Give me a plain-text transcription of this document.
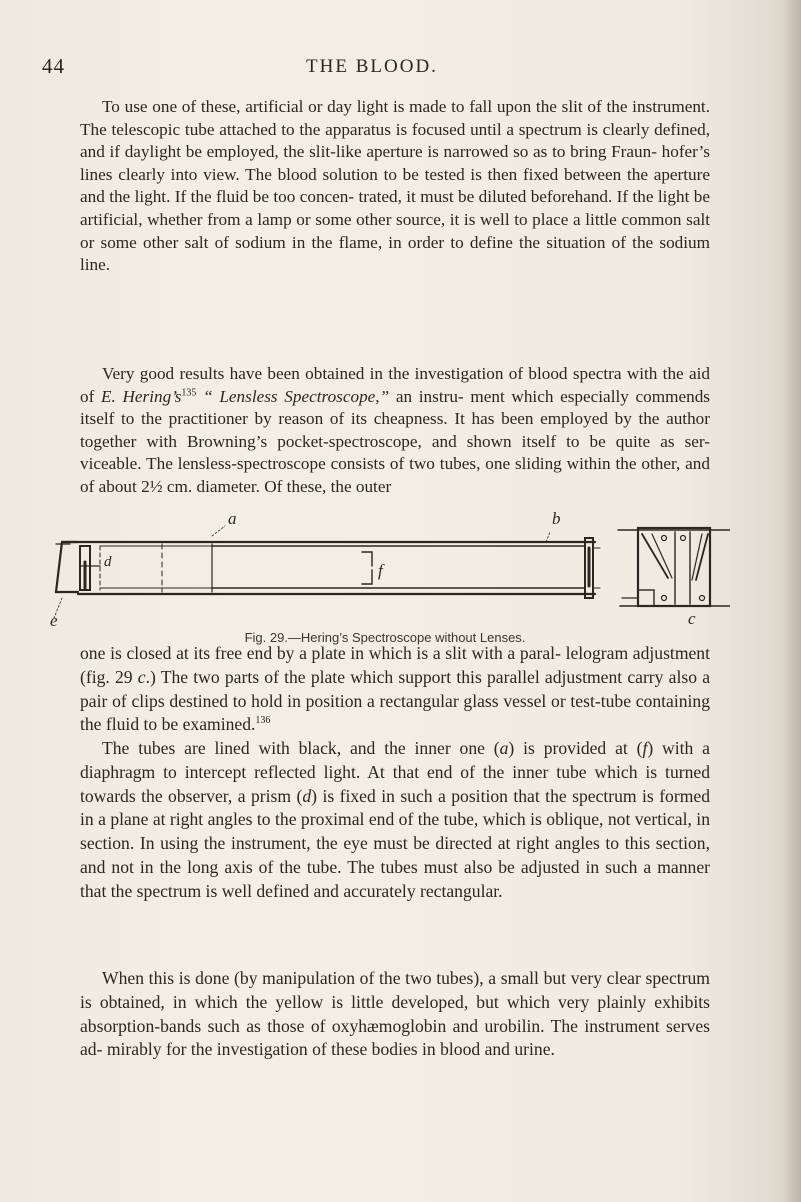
44	THE BLOOD.
To use one of these, artificial or day light is made to fall upon the slit of the instrument. The telescopic tube attached to the apparatus is focused until a spectrum is clearly defined, and if daylight be employed, the slit-like aperture is narrowed so as to bring Fraun- hofer’s lines clearly into view. The blood solution to be tested is then fixed between the aperture and the light. If the fluid be too concen- trated, it must be diluted beforehand. If the light be artificial, whether from a lamp or some other source, it is well to place a little common salt or some other salt of sodium in the flame, in order to define the situation of the sodium line.
Very good results have been obtained in the investigation of blood spectra with the aid of E. $Hering’s^{135}$ “ Lensless Spectroscope,” an instru- ment which especially commends itself to the practitioner by reason of its cheapness. It has been employed by the author together with Browning’s pocket-spectroscope, and shown itself to be quite as ser- viceable. The lensless-spectroscope consists of two tubes, one sliding within the other, and of about 2½ cm. diameter. Of these, the outer
a	b
c
d
e
f
Fig. 29.—Hering’s Spectroscope without Lenses.
one is closed at its free end by a plate in which is a slit with a paral- lelogram adjustment (fig. 29 c.) The two parts of the plate which support this parallel adjustment carry also a pair of clips destined to hold in position a rectangular glass vessel or test-tube containing the fluid to be examined.$^{136}$
The tubes are lined with black, and the inner one (a) is provided at (f) with a diaphragm to intercept reflected light. At that end of the inner tube which is turned towards the observer, a prism (d) is fixed in such a position that the spectrum is formed in a plane at right angles to the proximal end of the tube, which is oblique, not vertical, in section. In using the instrument, the eye must be directed at right angles to this section, and not in the long axis of the tube. The tubes must also be adjusted in such a manner that the spectrum is well defined and accurately rectangular.
When this is done (by manipulation of the two tubes), a small but very clear spectrum is obtained, in which the yellow is little developed, but which very plainly exhibits absorption-bands such as those of oxyhæmoglobin and urobilin. The instrument serves ad- mirably for the investigation of these bodies in blood and urine.
